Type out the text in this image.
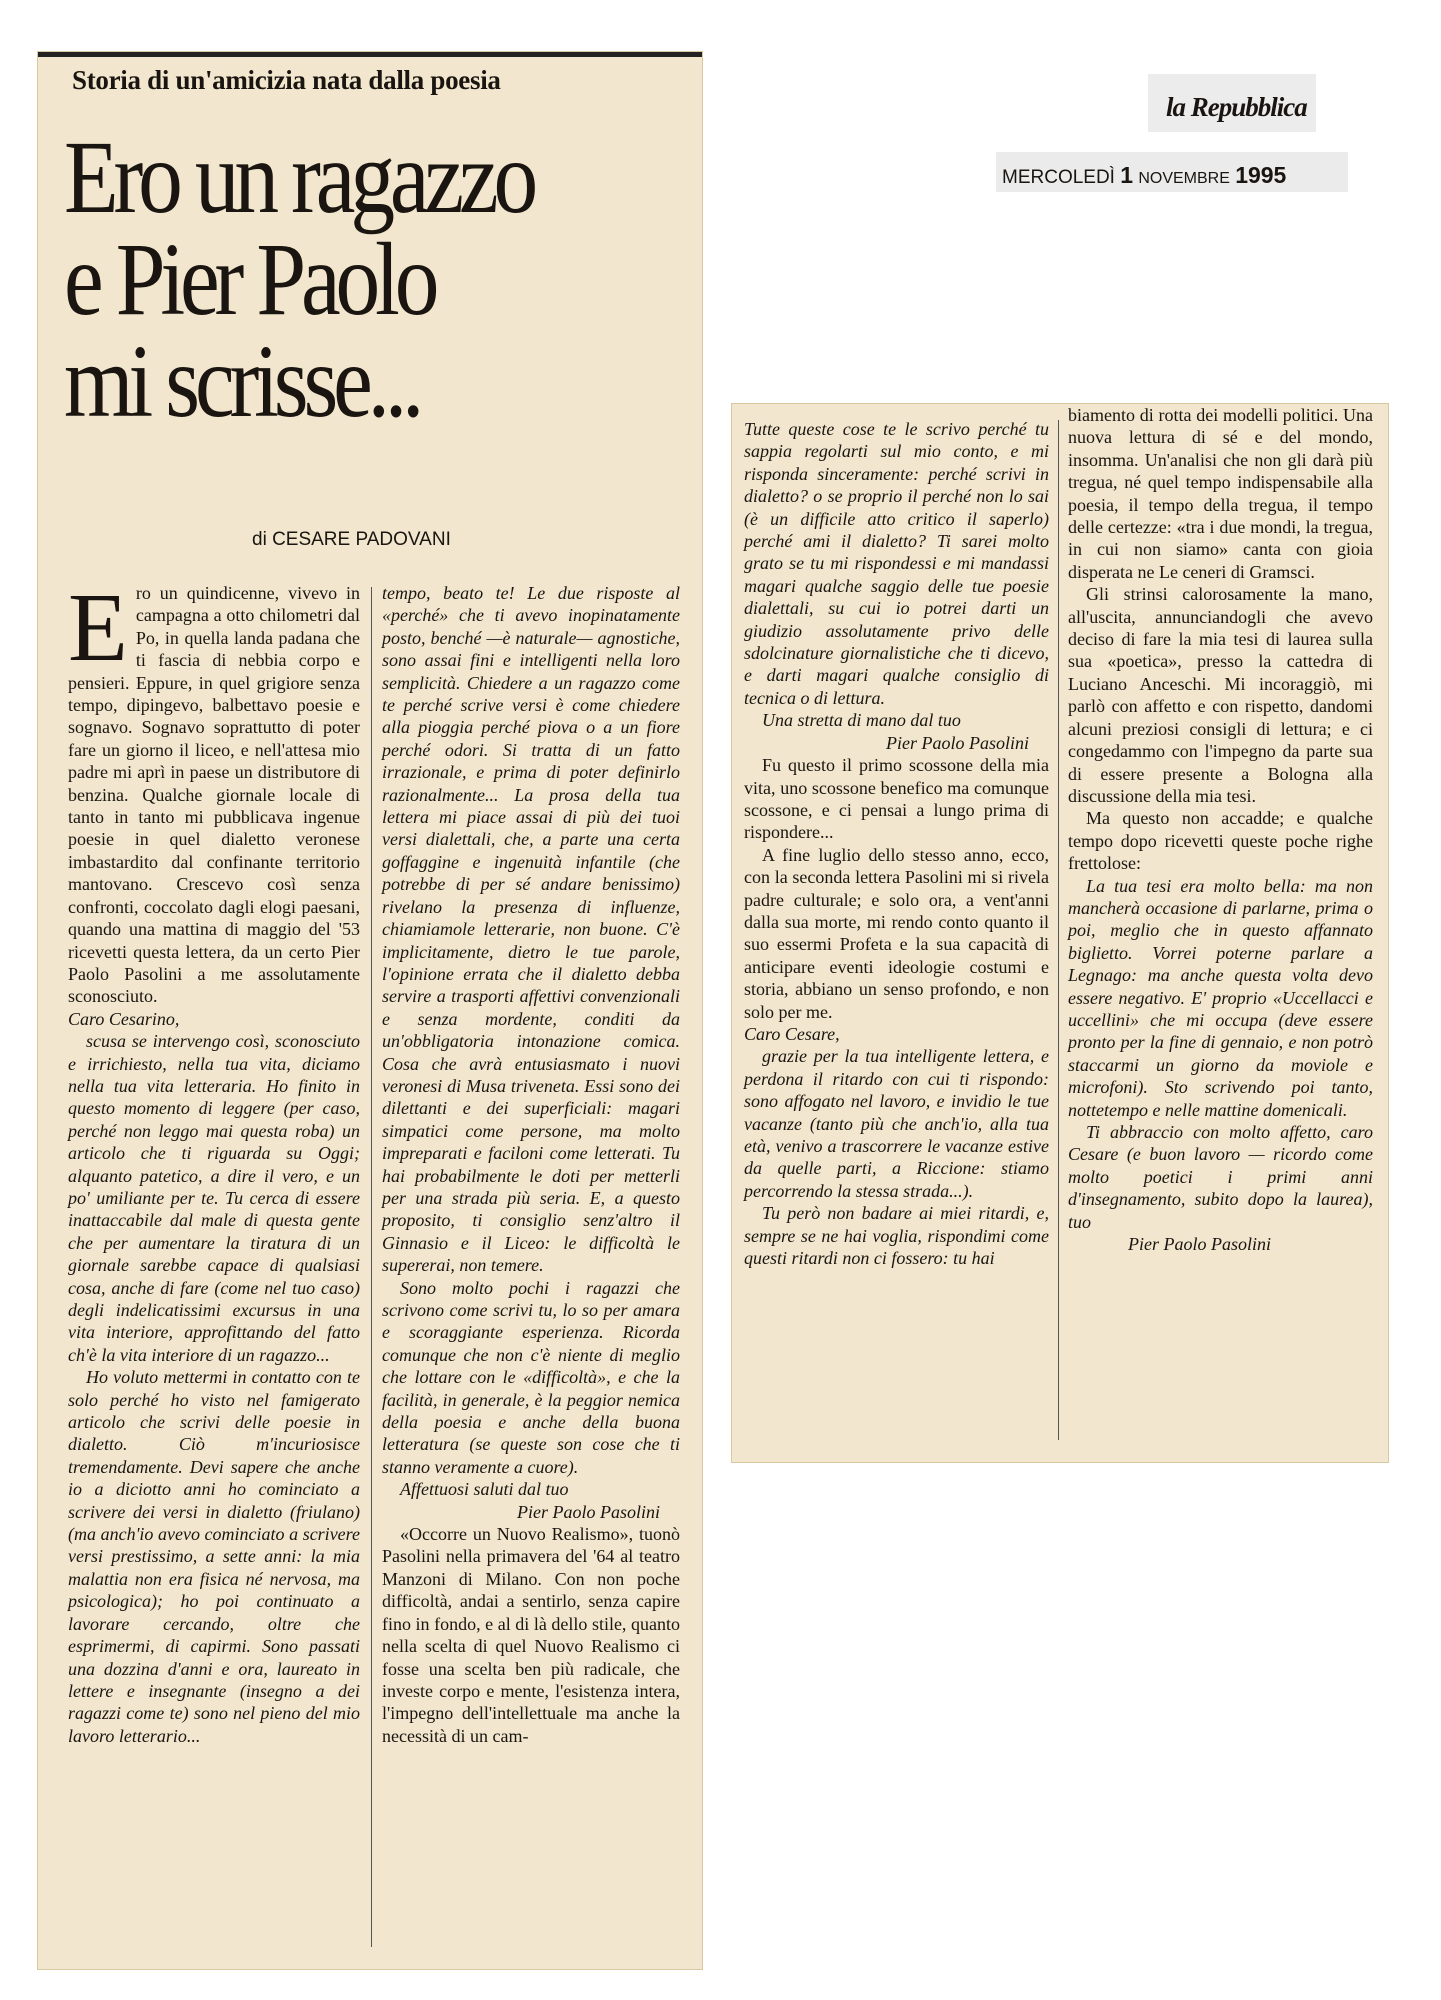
la Repubblica
MERCOLEDÌ 1 NOVEMBRE 1995
Storia di un'amicizia nata dalla poesia
Ero un ragazzo
e Pier Paolo
mi scrisse...
di CESARE PADOVANI

Ero un quindicenne, vivevo in campagna a otto chilometri dal Po, in quella landa padana che ti fascia di nebbia corpo e pensieri. Eppure, in quel grigiore senza tempo, dipingevo, balbettavo poesie e sognavo. Sognavo soprattutto di poter fare un giorno il liceo, e nell'attesa mio padre mi aprì in paese un distributore di benzina. Qualche giornale locale di tanto in tanto mi pubblicava ingenue poesie in quel dialetto veronese imbastardito dal confinante territorio mantovano. Crescevo così senza confronti, coccolato dagli elogi paesani, quando una mattina di maggio del '53 ricevetti questa lettera, da un certo Pier Paolo Pasolini a me assolutamente sconosciuto.

Caro Cesarino,

scusa se intervengo così, sconosciuto e irrichiesto, nella tua vita, diciamo nella tua vita letteraria. Ho finito in questo momento di leggere (per caso, perché non leggo mai questa roba) un articolo che ti riguarda su Oggi; alquanto patetico, a dire il vero, e un po' umiliante per te. Tu cerca di essere inattaccabile dal male di questa gente che per aumentare la tiratura di un giornale sarebbe capace di qualsiasi cosa, anche di fare (come nel tuo caso) degli indelicatissimi excursus in una vita interiore, approfittando del fatto ch'è la vita interiore di un ragazzo...

Ho voluto mettermi in contatto con te solo perché ho visto nel famigerato articolo che scrivi delle poesie in dialetto. Ciò m'incuriosisce tremendamente. Devi sapere che anche io a diciotto anni ho cominciato a scrivere dei versi in dialetto (friulano) (ma anch'io avevo cominciato a scrivere versi prestissimo, a sette anni: la mia malattia non era fisica né nervosa, ma psicologica); ho poi continuato a lavorare cercando, oltre che esprimermi, di capirmi. Sono passati una dozzina d'anni e ora, laureato in lettere e insegnante (insegno a dei ragazzi come te) sono nel pieno del mio lavoro letterario...

tempo, beato te! Le due risposte al «perché» che ti avevo inopinatamente posto, benché —è naturale— agnostiche, sono assai fini e intelligenti nella loro semplicità. Chiedere a un ragazzo come te perché scrive versi è come chiedere alla pioggia perché piova o a un fiore perché odori. Si tratta di un fatto irrazionale, e prima di poter definirlo razionalmente... La prosa della tua lettera mi piace assai di più dei tuoi versi dialettali, che, a parte una certa goffaggine e ingenuità infantile (che potrebbe di per sé andare benissimo) rivelano la presenza di influenze, chiamiamole letterarie, non buone. C'è implicitamente, dietro le tue parole, l'opinione errata che il dialetto debba servire a trasporti affettivi convenzionali e senza mordente, conditi da un'obbligatoria intonazione comica. Cosa che avrà entusiasmato i nuovi veronesi di Musa triveneta. Essi sono dei dilettanti e dei superficiali: magari simpatici come persone, ma molto impreparati e faciloni come letterati. Tu hai probabilmente le doti per metterli per una strada più seria. E, a questo proposito, ti consiglio senz'altro il Ginnasio e il Liceo: le difficoltà le supererai, non temere.

Sono molto pochi i ragazzi che scrivono come scrivi tu, lo so per amara e scoraggiante esperienza. Ricorda comunque che non c'è niente di meglio che lottare con le «difficoltà», e che la facilità, in generale, è la peggior nemica della poesia e anche della buona letteratura (se queste son cose che ti stanno veramente a cuore).

Affettuosi saluti dal tuo

Pier Paolo Pasolini

«Occorre un Nuovo Realismo», tuonò Pasolini nella primavera del '64 al teatro Manzoni di Milano. Con non poche difficoltà, andai a sentirlo, senza capire fino in fondo, e al di là dello stile, quanto nella scelta di quel Nuovo Realismo ci fosse una scelta ben più radicale, che investe corpo e mente, l'esistenza intera, l'impegno dell'intellettuale ma anche la necessità di un cam-

Tutte queste cose te le scrivo perché tu sappia regolarti sul mio conto, e mi risponda sinceramente: perché scrivi in dialetto? o se proprio il perché non lo sai (è un difficile atto critico il saperlo) perché ami il dialetto? Ti sarei molto grato se tu mi rispondessi e mi mandassi magari qualche saggio delle tue poesie dialettali, su cui io potrei darti un giudizio assolutamente privo delle sdolcinature giornalistiche che ti dicevo, e darti magari qualche consiglio di tecnica o di lettura.

Una stretta di mano dal tuo

Pier Paolo Pasolini

Fu questo il primo scossone della mia vita, uno scossone benefico ma comunque scossone, e ci pensai a lungo prima di rispondere...

A fine luglio dello stesso anno, ecco, con la seconda lettera Pasolini mi si rivela padre culturale; e solo ora, a vent'anni dalla sua morte, mi rendo conto quanto il suo essermi Profeta e la sua capacità di anticipare eventi ideologie costumi e storia, abbiano un senso profondo, e non solo per me.

Caro Cesare,

grazie per la tua intelligente lettera, e perdona il ritardo con cui ti rispondo: sono affogato nel lavoro, e invidio le tue vacanze (tanto più che anch'io, alla tua età, venivo a trascorrere le vacanze estive da quelle parti, a Riccione: stiamo percorrendo la stessa strada...).

Tu però non badare ai miei ritardi, e, sempre se ne hai voglia, rispondimi come questi ritardi non ci fossero: tu hai

biamento di rotta dei modelli politici. Una nuova lettura di sé e del mondo, insomma. Un'analisi che non gli darà più tregua, né quel tempo indispensabile alla poesia, il tempo della tregua, il tempo delle certezze: «tra i due mondi, la tregua, in cui non siamo» canta con gioia disperata ne Le ceneri di Gramsci.

Gli strinsi calorosamente la mano, all'uscita, annunciandogli che avevo deciso di fare la mia tesi di laurea sulla sua «poetica», presso la cattedra di Luciano Anceschi. Mi incoraggiò, mi parlò con affetto e con rispetto, dandomi alcuni preziosi consigli di lettura; e ci congedammo con l'impegno da parte sua di essere presente a Bologna alla discussione della mia tesi.

Ma questo non accadde; e qualche tempo dopo ricevetti queste poche righe frettolose:

La tua tesi era molto bella: ma non mancherà occasione di parlarne, prima o poi, meglio che in questo affannato biglietto. Vorrei poterne parlare a Legnago: ma anche questa volta devo essere negativo. E' proprio «Uccellacci e uccellini» che mi occupa (deve essere pronto per la fine di gennaio, e non potrò staccarmi un giorno da moviole e microfoni). Sto scrivendo poi tanto, nottetempo e nelle mattine domenicali.

Ti abbraccio con molto affetto, caro Cesare (e buon lavoro — ricordo come molto poetici i primi anni d'insegnamento, subito dopo la laurea), tuo

Pier Paolo Pasolini
